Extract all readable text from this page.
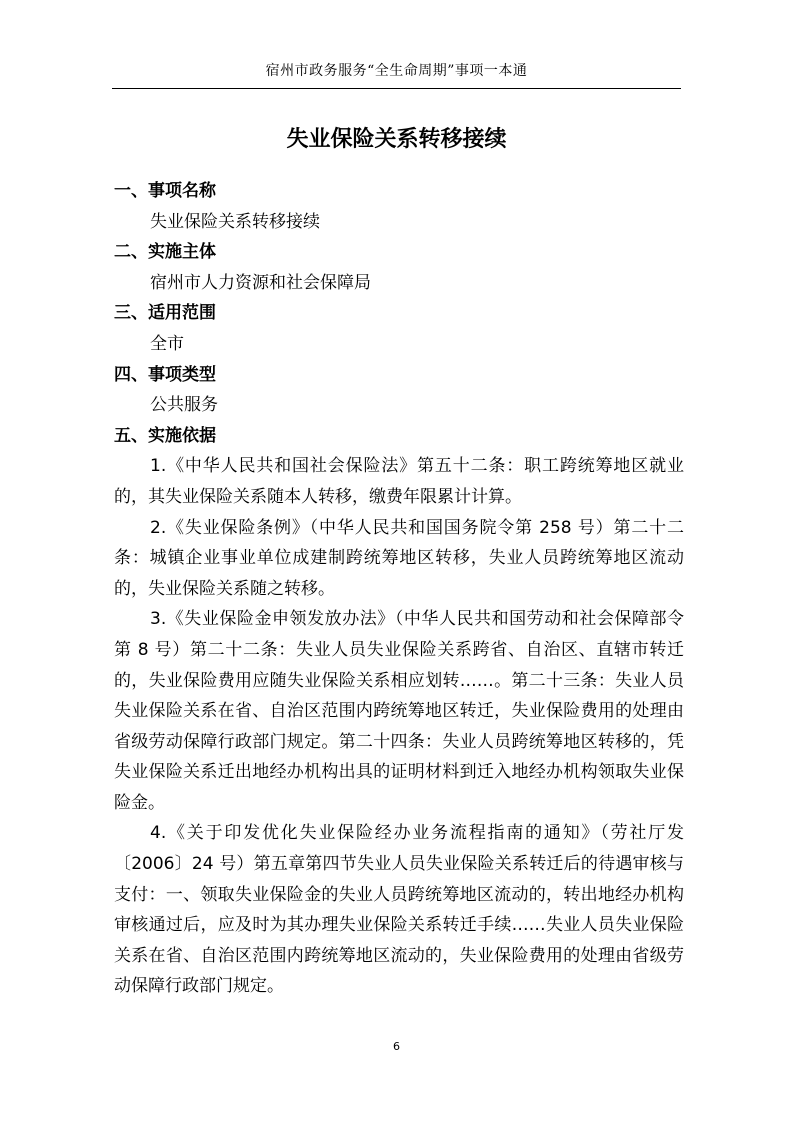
宿州市政务服务“全生命周期”事项一本通
失业保险关系转移接续

一、事项名称

失业保险关系转移接续

二、实施主体

宿州市人力资源和社会保障局

三、适用范围

全市

四、事项类型

公共服务

五、实施依据

1.《中华人民共和国社会保险法》第五十二条：职工跨统筹地区就业的，其失业保险关系随本人转移，缴费年限累计计算。

2.《失业保险条例》（中华人民共和国国务院令第 258 号）第二十二条：城镇企业事业单位成建制跨统筹地区转移，失业人员跨统筹地区流动的，失业保险关系随之转移。

3.《失业保险金申领发放办法》（中华人民共和国劳动和社会保障部令第 8 号）第二十二条：失业人员失业保险关系跨省、自治区、直辖市转迁的，失业保险费用应随失业保险关系相应划转……。第二十三条：失业人员失业保险关系在省、自治区范围内跨统筹地区转迁，失业保险费用的处理由省级劳动保障行政部门规定。第二十四条：失业人员跨统筹地区转移的，凭失业保险关系迁出地经办机构出具的证明材料到迁入地经办机构领取失业保险金。

4.《关于印发优化失业保险经办业务流程指南的通知》（劳社厅发〔2006〕24 号）第五章第四节失业人员失业保险关系转迁后的待遇审核与支付：一、领取失业保险金的失业人员跨统筹地区流动的，转出地经办机构审核通过后，应及时为其办理失业保险关系转迁手续……失业人员失业保险关系在省、自治区范围内跨统筹地区流动的，失业保险费用的处理由省级劳动保障行政部门规定。

6
